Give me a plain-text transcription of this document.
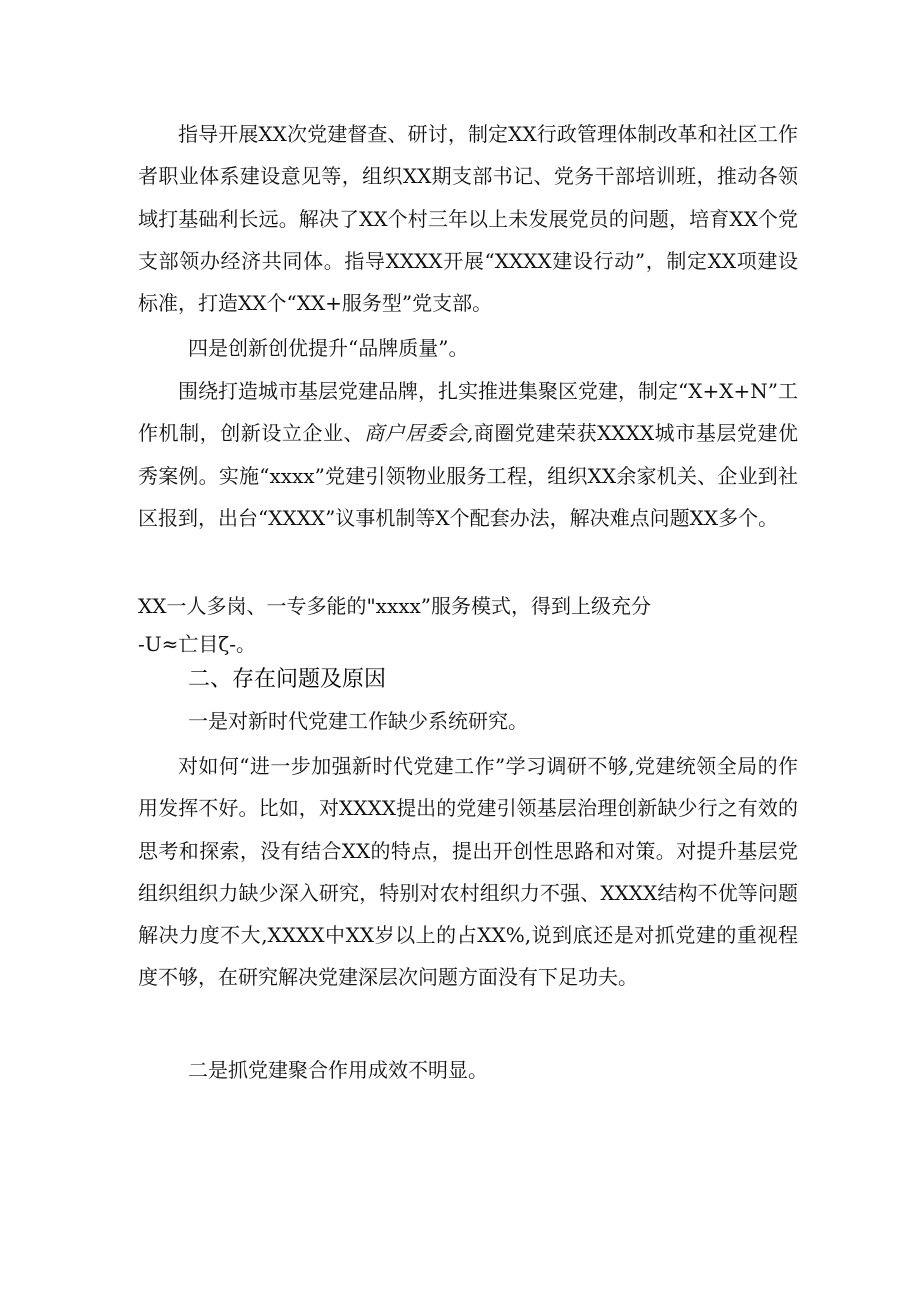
指导开展XX次党建督查、研讨，制定XX行政管理体制改革和社区工作者职业体系建设意见等，组织XX期支部书记、党务干部培训班，推动各领域打基础利长远。解决了XX个村三年以上未发展党员的问题，培育XX个党支部领办经济共同体。指导XXXX开展“XXXX建设行动”，制定XX项建设标准，打造XX个“XX+服务型”党支部。

四是创新创优提升“品牌质量”。

围绕打造城市基层党建品牌，扎实推进集聚区党建，制定“X+X+N”工作机制，创新设立企业、商户居委会,商圈党建荣获XXXX城市基层党建优秀案例。实施“xxxx”党建引领物业服务工程，组织XX余家机关、企业到社区报到，出台“XXXX”议事机制等X个配套办法，解决难点问题XX多个。

XX一人多岗、一专多能的"xxxx”服务模式，得到上级充分

-U≈亡目ζ-。

二、存在问题及原因

一是对新时代党建工作缺少系统研究。

对如何“进一步加强新时代党建工作”学习调研不够,党建统领全局的作用发挥不好。比如，对XXXX提出的党建引领基层治理创新缺少行之有效的思考和探索，没有结合XX的特点，提出开创性思路和对策。对提升基层党组织组织力缺少深入研究，特别对农村组织力不强、XXXX结构不优等问题解决力度不大,XXXX中XX岁以上的占XX%,说到底还是对抓党建的重视程度不够，在研究解决党建深层次问题方面没有下足功夫。

二是抓党建聚合作用成效不明显。
